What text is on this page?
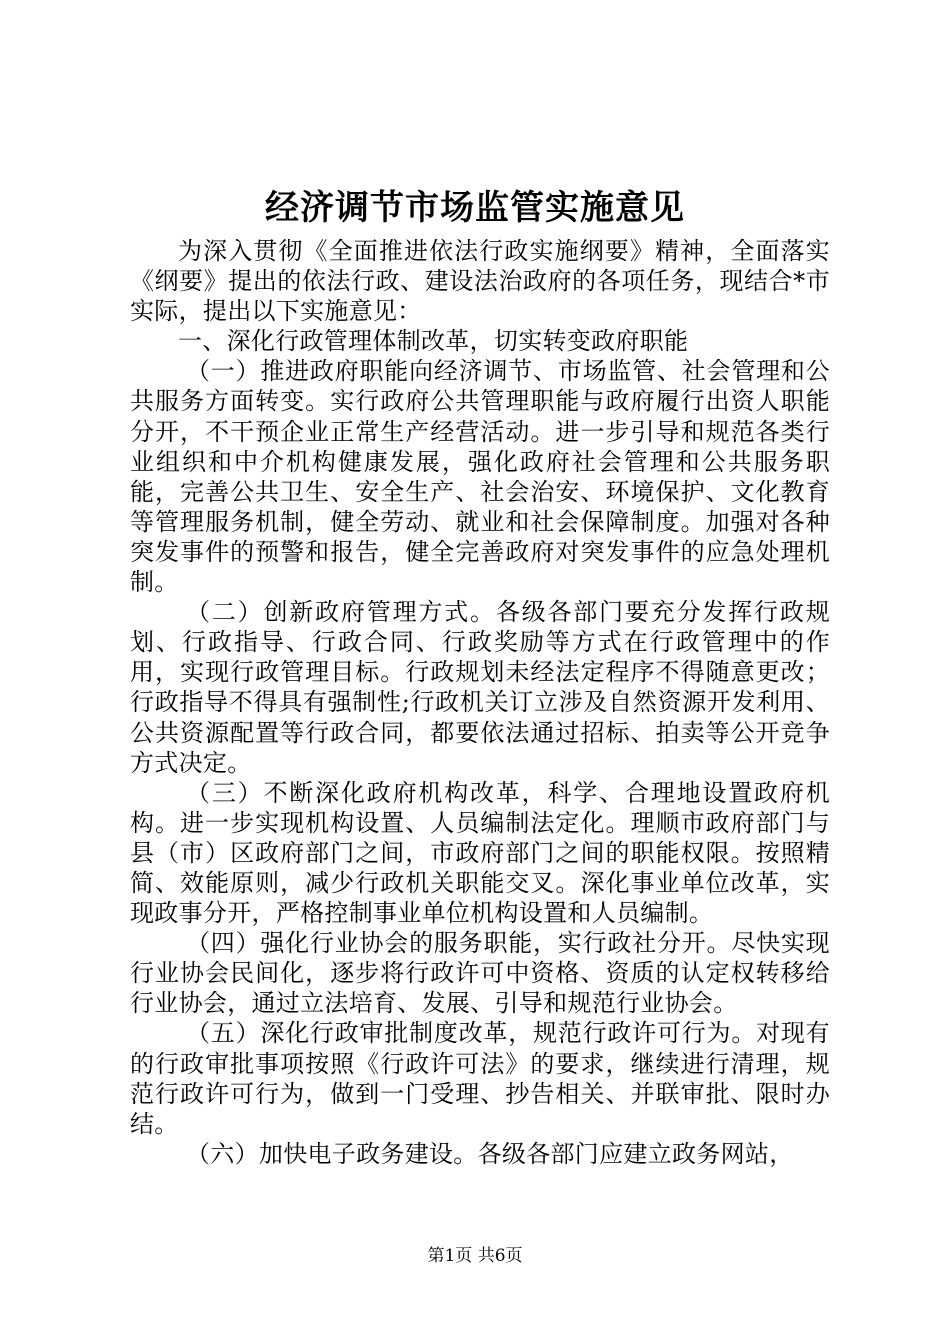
经济调节市场监管实施意见

为深入贯彻《全面推进依法行政实施纲要》精神，全面落实《纲要》提出的依法行政、建设法治政府的各项任务，现结合*市实际，提出以下实施意见：

一、深化行政管理体制改革，切实转变政府职能

（一）推进政府职能向经济调节、市场监管、社会管理和公共服务方面转变。实行政府公共管理职能与政府履行出资人职能分开，不干预企业正常生产经营活动。进一步引导和规范各类行业组织和中介机构健康发展，强化政府社会管理和公共服务职能，完善公共卫生、安全生产、社会治安、环境保护、文化教育等管理服务机制，健全劳动、就业和社会保障制度。加强对各种突发事件的预警和报告，健全完善政府对突发事件的应急处理机制。

（二）创新政府管理方式。各级各部门要充分发挥行政规划、行政指导、行政合同、行政奖励等方式在行政管理中的作用，实现行政管理目标。行政规划未经法定程序不得随意更改；行政指导不得具有强制性;行政机关订立涉及自然资源开发利用、公共资源配置等行政合同，都要依法通过招标、拍卖等公开竞争方式决定。

（三）不断深化政府机构改革，科学、合理地设置政府机构。进一步实现机构设置、人员编制法定化。理顺市政府部门与县（市）区政府部门之间，市政府部门之间的职能权限。按照精简、效能原则，减少行政机关职能交叉。深化事业单位改革，实现政事分开，严格控制事业单位机构设置和人员编制。

（四）强化行业协会的服务职能，实行政社分开。尽快实现行业协会民间化，逐步将行政许可中资格、资质的认定权转移给行业协会，通过立法培育、发展、引导和规范行业协会。

（五）深化行政审批制度改革，规范行政许可行为。对现有的行政审批事项按照《行政许可法》的要求，继续进行清理，规范行政许可行为，做到一门受理、抄告相关、并联审批、限时办结。

（六）加快电子政务建设。各级各部门应建立政务网站，

第1页 共6页
